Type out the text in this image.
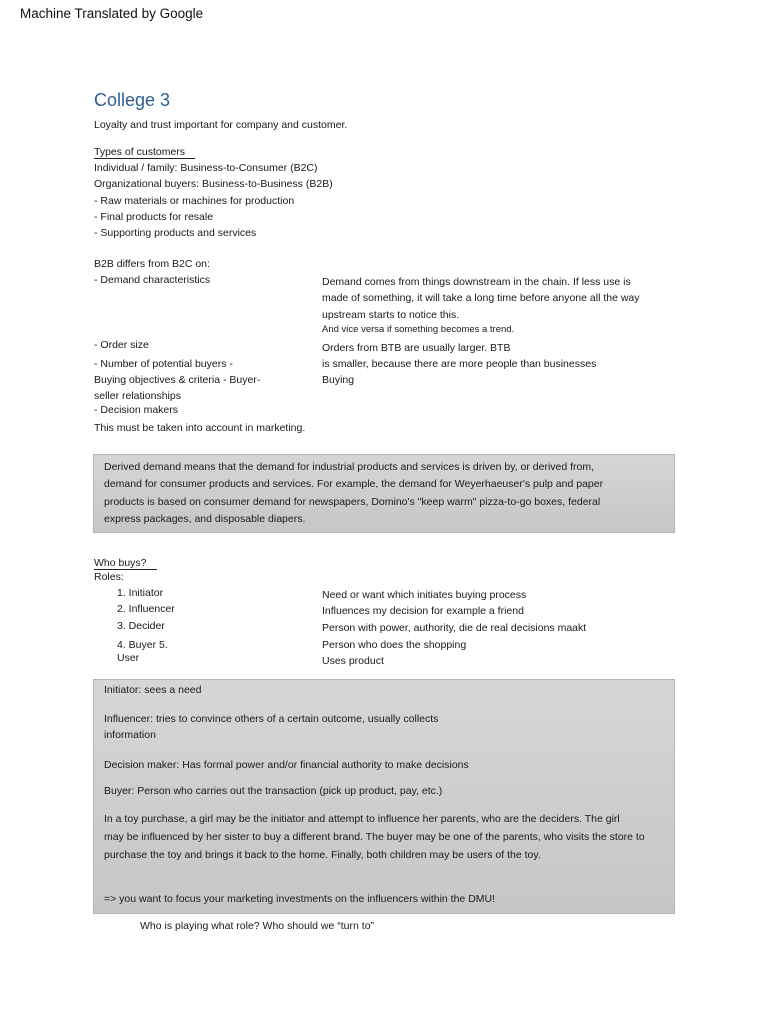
Machine Translated by Google
College 3
Loyalty and trust important for company and customer.
Types of customers
Individual / family: Business-to-Consumer (B2C)
Organizational buyers: Business-to-Business (B2B)
- Raw materials or machines for production
- Final products for resale
- Supporting products and services
B2B differs from B2C on:
- Demand characteristics
- Order size
- Number of potential buyers -
Buying objectives & criteria - Buyer-
seller relationships
- Decision makers
Demand comes from things downstream in the chain. If less use is
made of something, it will take a long time before anyone all the way
upstream starts to notice this.
And vice versa if something becomes a trend.
Orders from BTB are usually larger. BTB
is smaller, because there are more people than businesses
Buying
This must be taken into account in marketing.
Derived demand means that the demand for industrial products and services is driven by, or derived from,
demand for consumer products and services. For example, the demand for Weyerhaeuser's pulp and paper
products is based on consumer demand for newspapers, Domino's "keep warm" pizza-to-go boxes, federal
express packages, and disposable diapers.
Who buys?
Roles:
1. Initiator
2. Influencer
3. Decider
4. Buyer 5.
User
Need or want which initiates buying process
Influences my decision for example a friend
Person with power, authority, die de real decisions maakt
Person who does the shopping
Uses product
Initiator: sees a need
Influencer: tries to convince others of a certain outcome, usually collects
information
Decision maker: Has formal power and/or financial authority to make decisions
Buyer: Person who carries out the transaction (pick up product, pay, etc.)
In a toy purchase, a girl may be the initiator and attempt to influence her parents, who are the deciders. The girl
may be influenced by her sister to buy a different brand. The buyer may be one of the parents, who visits the store to
purchase the toy and brings it back to the home. Finally, both children may be users of the toy.
=> you want to focus your marketing investments on the influencers within the DMU!
Who is playing what role? Who should we “turn to”
